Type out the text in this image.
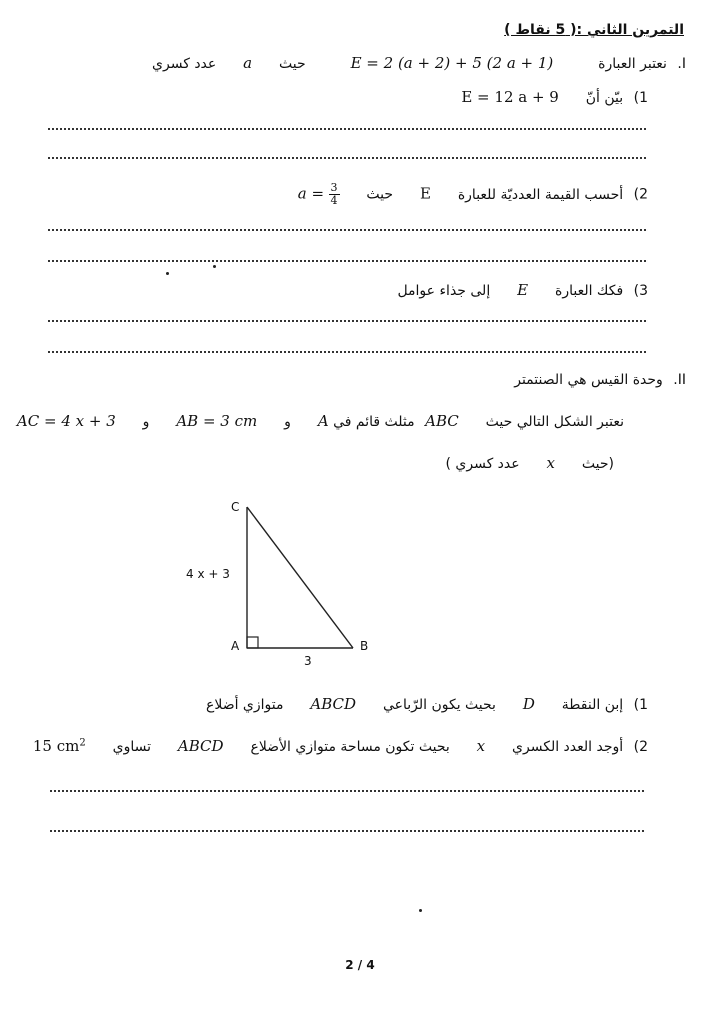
التمرين الثاني :( 5 نقاط )
I. نعتبر العبارة  E = 2 (a + 2) + 5 (2 a + 1)  حيث  a  عدد كسري
1) بيّن أنّ  E = 12 a + 9
2) أحسب القيمة العدديّة للعبارة  E  حيث  $a = \frac{3}{4}$
3) فكك العبارة  E  إلى جذاء عوامل
II. وحدة القيس هي الصنتمتر
نعتبر الشكل التالي حيث  ABC مثلث قائم في A  و  AB = 3 cm  و  AC = 4 x + 3
(حيث  x  عدد كسري )
C
A	B
4 x + 3
3
1) إبن النقطة  D  بحيث يكون الرّباعي  ABCD  متوازي أضلاع
2) أوجد العدد الكسري  x  بحيث تكون مساحة متوازي الأضلاع  ABCD  تساوي  15 $cm^2$
2 / 4
